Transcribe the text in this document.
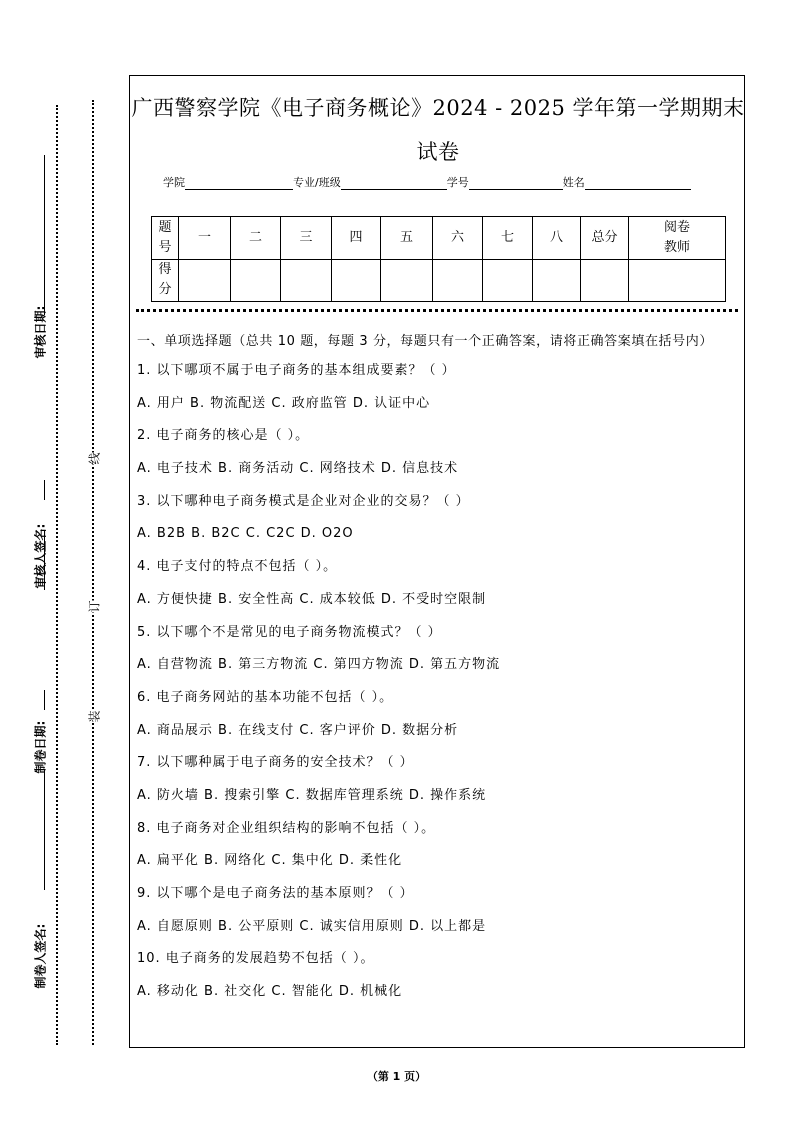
审核日期:
审核人签名:
制卷日期:
制卷人签名:
线
订
装
广西警察学院《电子商务概论》2024 - 2025 学年第一学期期末试卷
学院	专业/班级	学号	姓名
题号	一	二	三	四	五	六	七	八	总分	阅卷教师
得分										
一、单项选择题（总共 10 题，每题 3 分，每题只有一个正确答案，请将正确答案填在括号内）
1. 以下哪项不属于电子商务的基本组成要素？（ ）
A. 用户 B. 物流配送 C. 政府监管 D. 认证中心
2. 电子商务的核心是（ ）。
A. 电子技术 B. 商务活动 C. 网络技术 D. 信息技术
3. 以下哪种电子商务模式是企业对企业的交易？（ ）
A. B2B B. B2C C. C2C D. O2O
4. 电子支付的特点不包括（ ）。
A. 方便快捷 B. 安全性高 C. 成本较低 D. 不受时空限制
5. 以下哪个不是常见的电子商务物流模式？（ ）
A. 自营物流 B. 第三方物流 C. 第四方物流 D. 第五方物流
6. 电子商务网站的基本功能不包括（ ）。
A. 商品展示 B. 在线支付 C. 客户评价 D. 数据分析
7. 以下哪种属于电子商务的安全技术？（ ）
A. 防火墙 B. 搜索引擎 C. 数据库管理系统 D. 操作系统
8. 电子商务对企业组织结构的影响不包括（ ）。
A. 扁平化 B. 网络化 C. 集中化 D. 柔性化
9. 以下哪个是电子商务法的基本原则？（ ）
A. 自愿原则 B. 公平原则 C. 诚实信用原则 D. 以上都是
10. 电子商务的发展趋势不包括（ ）。
A. 移动化 B. 社交化 C. 智能化 D. 机械化
（第 1 页）
